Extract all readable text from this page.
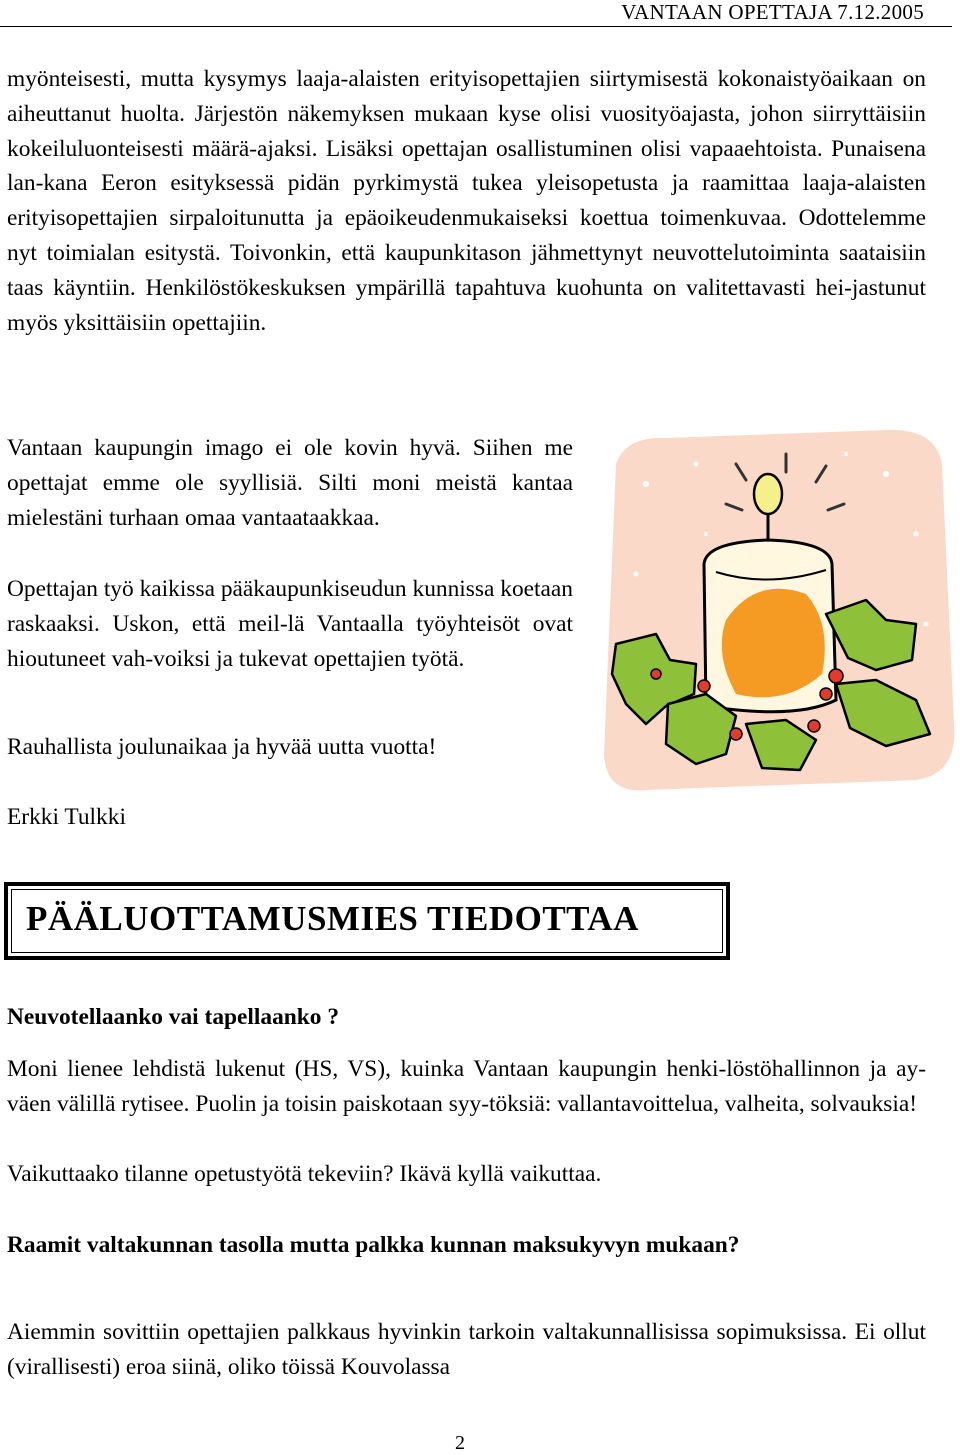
VANTAAN OPETTAJA 7.12.2005

myönteisesti, mutta kysymys laaja-alaisten erityisopettajien siirtymisestä kokonaistyöaikaan on aiheuttanut huolta. Järjestön näkemyksen mukaan kyse olisi vuosityöajasta, johon siirryttäisiin kokeiluluonteisesti määrä-ajaksi. Lisäksi opettajan osallistuminen olisi vapaaehtoista. Punaisena lan-kana Eeron esityksessä pidän pyrkimystä tukea yleisopetusta ja raamittaa laaja-alaisten erityisopettajien sirpaloitunutta ja epäoikeudenmukaiseksi koettua toimenkuvaa. Odottelemme nyt toimialan esitystä. Toivonkin, että kaupunkitason jähmettynyt neuvottelutoiminta saataisiin taas käyntiin. Henkilöstökeskuksen ympärillä tapahtuva kuohunta on valitettavasti hei-jastunut myös yksittäisiin opettajiin.

Vantaan kaupungin imago ei ole kovin hyvä. Siihen me opettajat emme ole syyllisiä. Silti moni meistä kantaa mielestäni turhaan omaa vantaataakkaa.

Opettajan työ kaikissa pääkaupunkiseudun kunnissa koetaan raskaaksi. Uskon, että meil-lä Vantaalla työyhteisöt ovat hioutuneet vah-voiksi ja tukevat opettajien työtä.

Rauhallista joulunaikaa ja hyvää uutta vuotta!

Erkki Tulkki

PÄÄLUOTTAMUSMIES TIEDOTTAA

Neuvotellaanko vai tapellaanko ?

Moni lienee lehdistä lukenut (HS, VS), kuinka Vantaan kaupungin henki-löstöhallinnon ja ay-väen välillä rytisee. Puolin ja toisin paiskotaan syy-töksiä: vallantavoittelua, valheita, solvauksia!

Vaikuttaako tilanne opetustyötä tekeviin? Ikävä kyllä vaikuttaa.

Raamit valtakunnan tasolla mutta palkka kunnan maksukyvyn mukaan?

Aiemmin sovittiin opettajien palkkaus hyvinkin tarkoin valtakunnallisissa sopimuksissa. Ei ollut (virallisesti) eroa siinä, oliko töissä Kouvolassa

2
